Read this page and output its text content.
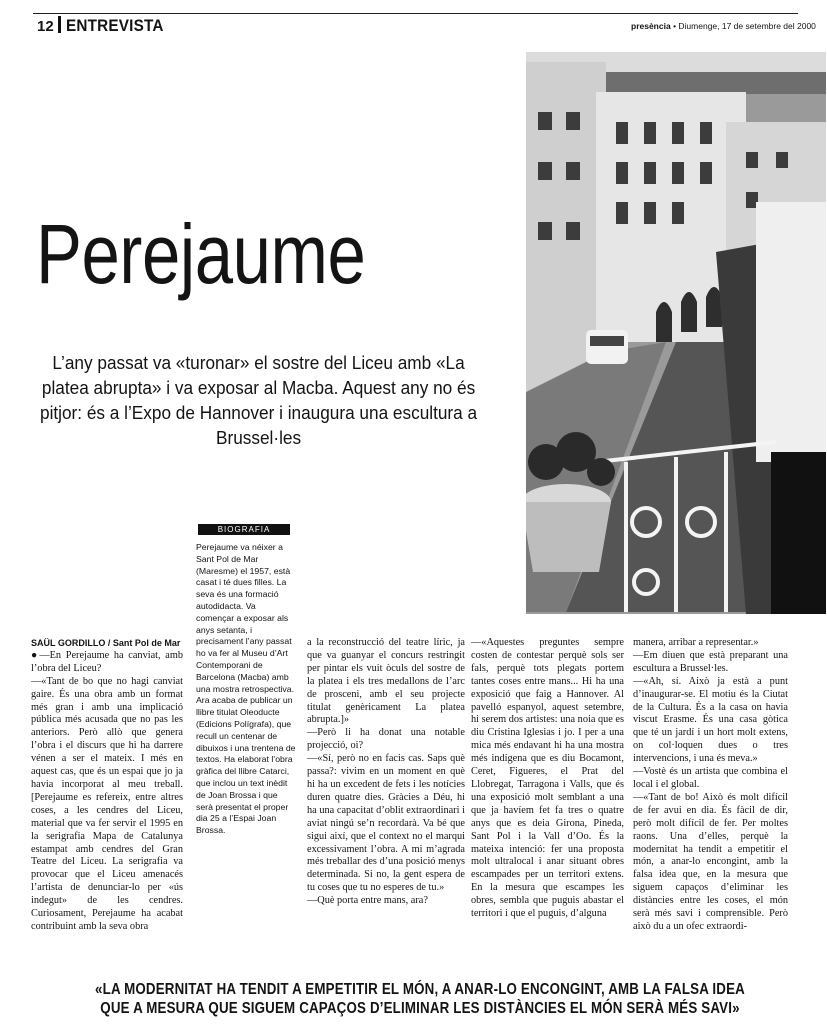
12 ENTREVISTA	presència • Diumenge, 17 de setembre del 2000
Perejaume
L’any passat va «turonar» el sostre del Liceu amb «La platea abrupta» i va exposar al Macba. Aquest any no és pitjor: és a l’Expo de Hannover i inaugura una escultura a Brussel·les
BIOGRAFIA
Perejaume va néixer a Sant Pol de Mar (Maresme) el 1957, està casat i té dues filles. La seva és una formació autodidacta. Va començar a exposar als anys setanta, i precisament l’any passat ho va fer al Museu d’Art Contemporani de Barcelona (Macba) amb una mostra retrospectiva. Ara acaba de publicar un llibre titulat Oleoducte (Edicions Polígrafa), que recull un centenar de dibuixos i una trentena de textos. Ha elaborat l’obra gràfica del llibre Catarci, que inclou un text inèdit de Joan Brossa i que serà presentat el proper dia 25 a l’Espai Joan Brossa.

SAÜL GORDILLO / Sant Pol de Mar

●—En Perejaume ha canviat, amb l’obra del Liceu?

—«Tant de bo que no hagi canviat gaire. És una obra amb un format més gran i amb una implicació pública més acusada que no pas les anteriors. Però allò que genera l’obra i el discurs que hi ha darrere vénen a ser el mateix. I més en aquest cas, que és un espai que jo ja havia incorporat al meu treball. [Perejaume es refereix, entre altres coses, a les cendres del Liceu, material que va fer servir el 1995 en la serigrafia Mapa de Catalunya estampat amb cendres del Gran Teatre del Liceu. La serigrafia va provocar que el Liceu amenacés l’artista de denunciar-lo per «ús indegut» de les cendres. Curiosament, Perejaume ha acabat contribuint amb la seva obra

a la reconstrucció del teatre líric, ja que va guanyar el concurs restringit per pintar els vuit òculs del sostre de la platea i els tres medallons de l’arc de prosceni, amb el seu projecte titulat genèricament La platea abrupta.]»

—Però li ha donat una notable projecció, oi?

—«Sí, però no en facis cas. Saps què passa?: vivim en un moment en què hi ha un excedent de fets i les notícies duren quatre dies. Gràcies a Déu, hi ha una capacitat d’oblit extraordinari i aviat ningú se’n recordarà. Va bé que sigui així, que el context no el marqui excessivament l’obra. A mi m’agrada més treballar des d’una posició menys determinada. Si no, la gent espera de tu coses que tu no esperes de tu.»

—Què porta entre mans, ara?

—«Aquestes preguntes sempre costen de contestar perquè sols ser fals, perquè tots plegats portem tantes coses entre mans... Hi ha una exposició que faig a Hannover. Al pavelló espanyol, aquest setembre, hi serem dos artistes: una noia que es diu Cristina Iglesias i jo. I per a una mica més endavant hi ha una mostra més indígena que es diu Bocamont, Ceret, Figueres, el Prat del Llobregat, Tarragona i Valls, que és una exposició molt semblant a una que ja havíem fet fa tres o quatre anys que es deia Girona, Pineda, Sant Pol i la Vall d’Oo. És la mateixa intenció: fer una proposta molt ultralocal i anar situant obres escampades per un territori extens. En la mesura que escampes les obres, sembla que puguis abastar el territori i que el puguis, d’alguna

manera, arribar a representar.»

—Em diuen que està preparant una escultura a Brussel·les.

—«Ah, sí. Això ja està a punt d’inaugurar-se. El motiu és la Ciutat de la Cultura. És a la casa on havia viscut Erasme. És una casa gòtica que té un jardí i un hort molt extens, on col·loquen dues o tres intervencions, i una és meva.»

—Vostè és un artista que combina el local i el global.

—«Tant de bo! Això és molt difícil de fer avui en dia. És fàcil de dir, però molt difícil de fer. Per moltes raons. Una d’elles, perquè la modernitat ha tendit a empetitir el món, a anar-lo encongint, amb la falsa idea que, en la mesura que siguem capaços d’eliminar les distàncies entre les coses, el món serà més savi i comprensible. Però això du a un ofec extraordi-

«LA MODERNITAT HA TENDIT A EMPETITIR EL MÓN, A ANAR-LO ENCONGINT, AMB LA FALSA IDEA
QUE A MESURA QUE SIGUEM CAPAÇOS D’ELIMINAR LES DISTÀNCIES EL MÓN SERÀ MÉS SAVI»
